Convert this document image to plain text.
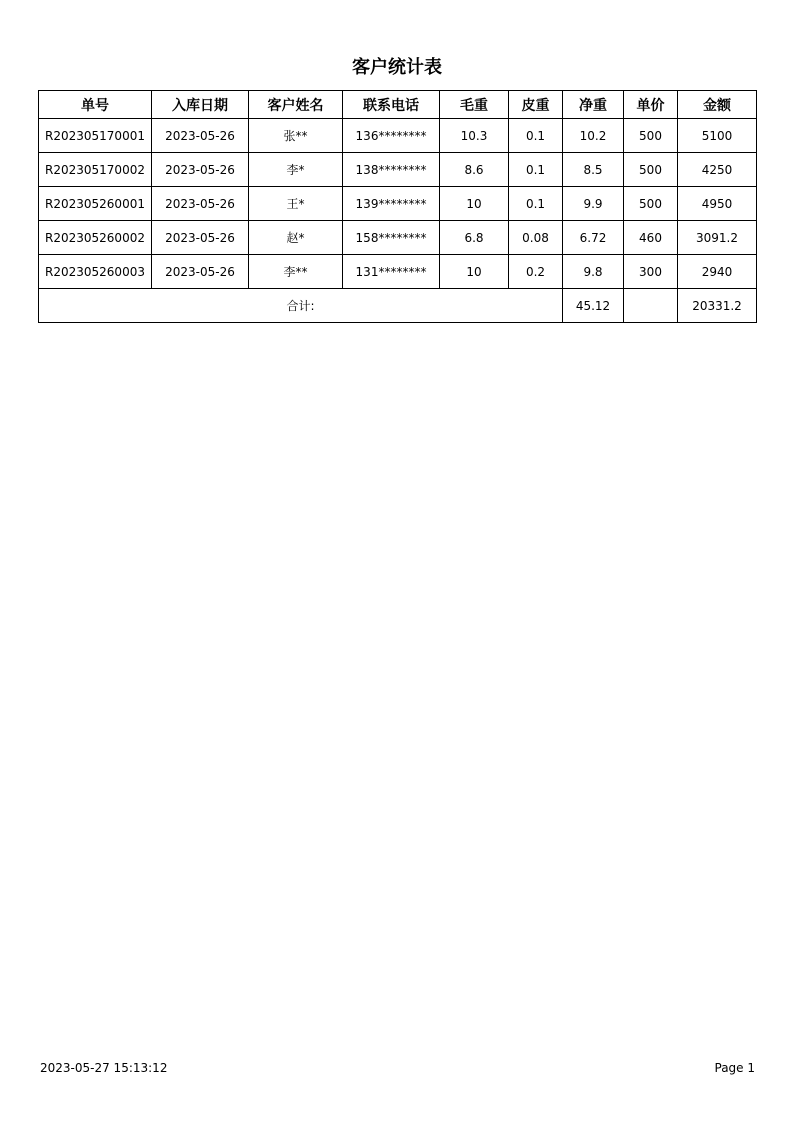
客户统计表
单号	入库日期	客户姓名	联系电话	毛重	皮重	净重	单价	金额
R202305170001	2023-05-26	张**	136********	10.3	0.1	10.2	500	5100
R202305170002	2023-05-26	李*	138********	8.6	0.1	8.5	500	4250
R202305260001	2023-05-26	王*	139********	10	0.1	9.9	500	4950
R202305260002	2023-05-26	赵*	158********	6.8	0.08	6.72	460	3091.2
R202305260003	2023-05-26	李**	131********	10	0.2	9.8	300	2940
合计:						45.12		20331.2
2023-05-27 15:13:12	Page 1
